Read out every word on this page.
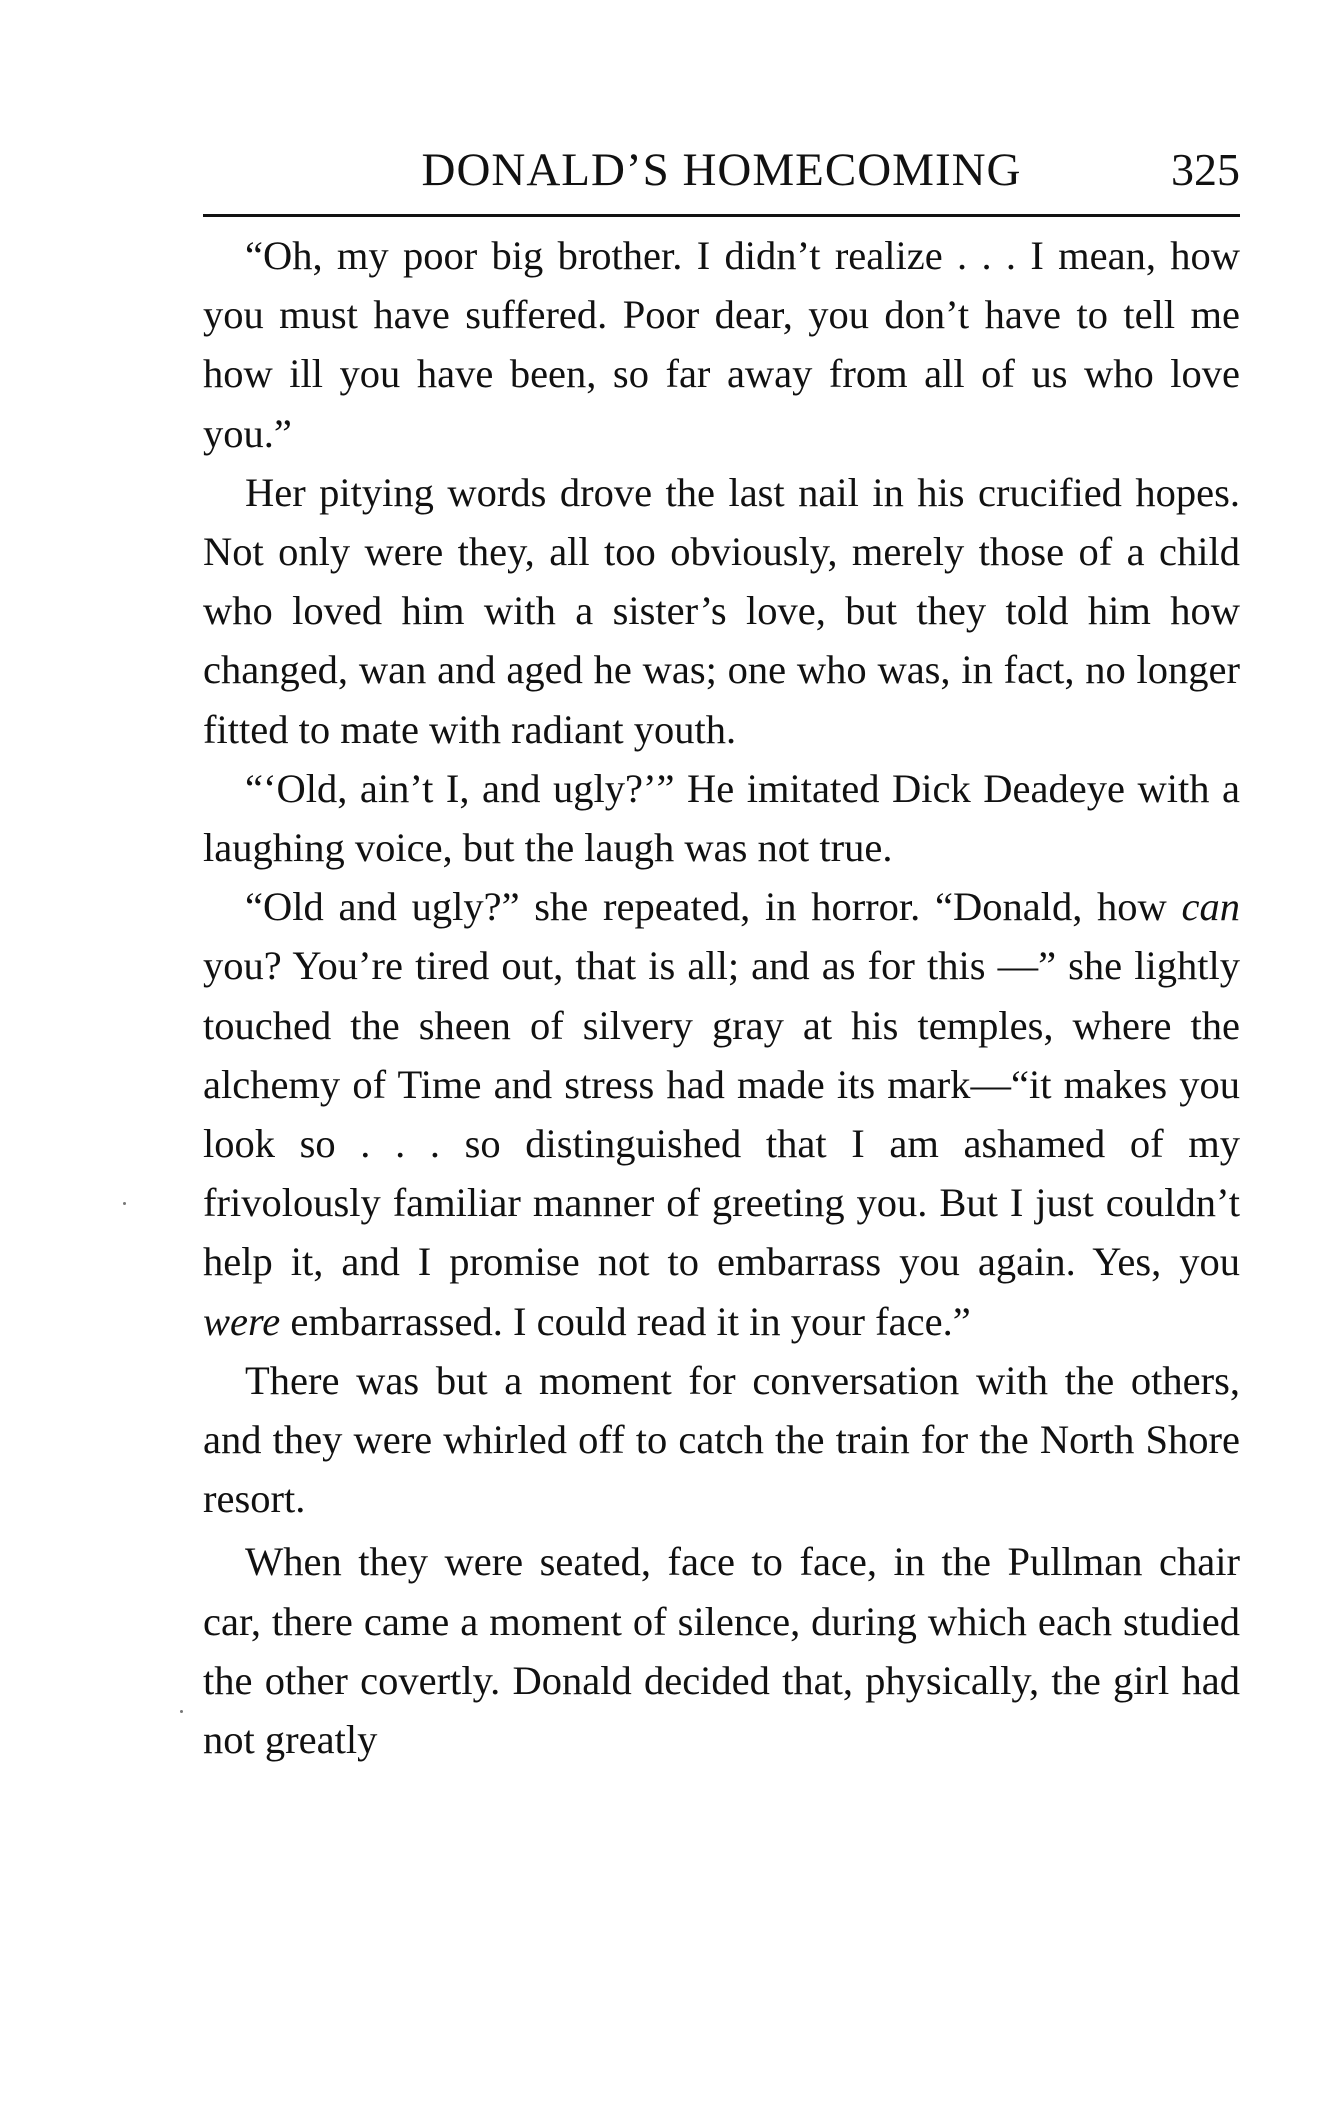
DONALD’S HOMECOMING	325

“Oh, my poor big brother. I didn’t realize . . . I mean, how you must have suffered. Poor dear, you don’t have to tell me how ill you have been, so far away from all of us who love you.”

Her pitying words drove the last nail in his crucified hopes. Not only were they, all too obviously, merely those of a child who loved him with a sister’s love, but they told him how changed, wan and aged he was; one who was, in fact, no longer fitted to mate with radiant youth.

“‘Old, ain’t I, and ugly?’” He imitated Dick Deadeye with a laughing voice, but the laugh was not true.

“Old and ugly?” she repeated, in horror. “Donald, how can you? You’re tired out, that is all; and as for this —” she lightly touched the sheen of silvery gray at his temples, where the alchemy of Time and stress had made its mark—“it makes you look so . . . so distinguished that I am ashamed of my frivolously familiar manner of greeting you. But I just couldn’t help it, and I promise not to embarrass you again. Yes, you were embarrassed. I could read it in your face.”

There was but a moment for conversation with the others, and they were whirled off to catch the train for the North Shore resort.

When they were seated, face to face, in the Pullman chair car, there came a moment of silence, during which each studied the other covertly. Donald decided that, physically, the girl had not greatly
